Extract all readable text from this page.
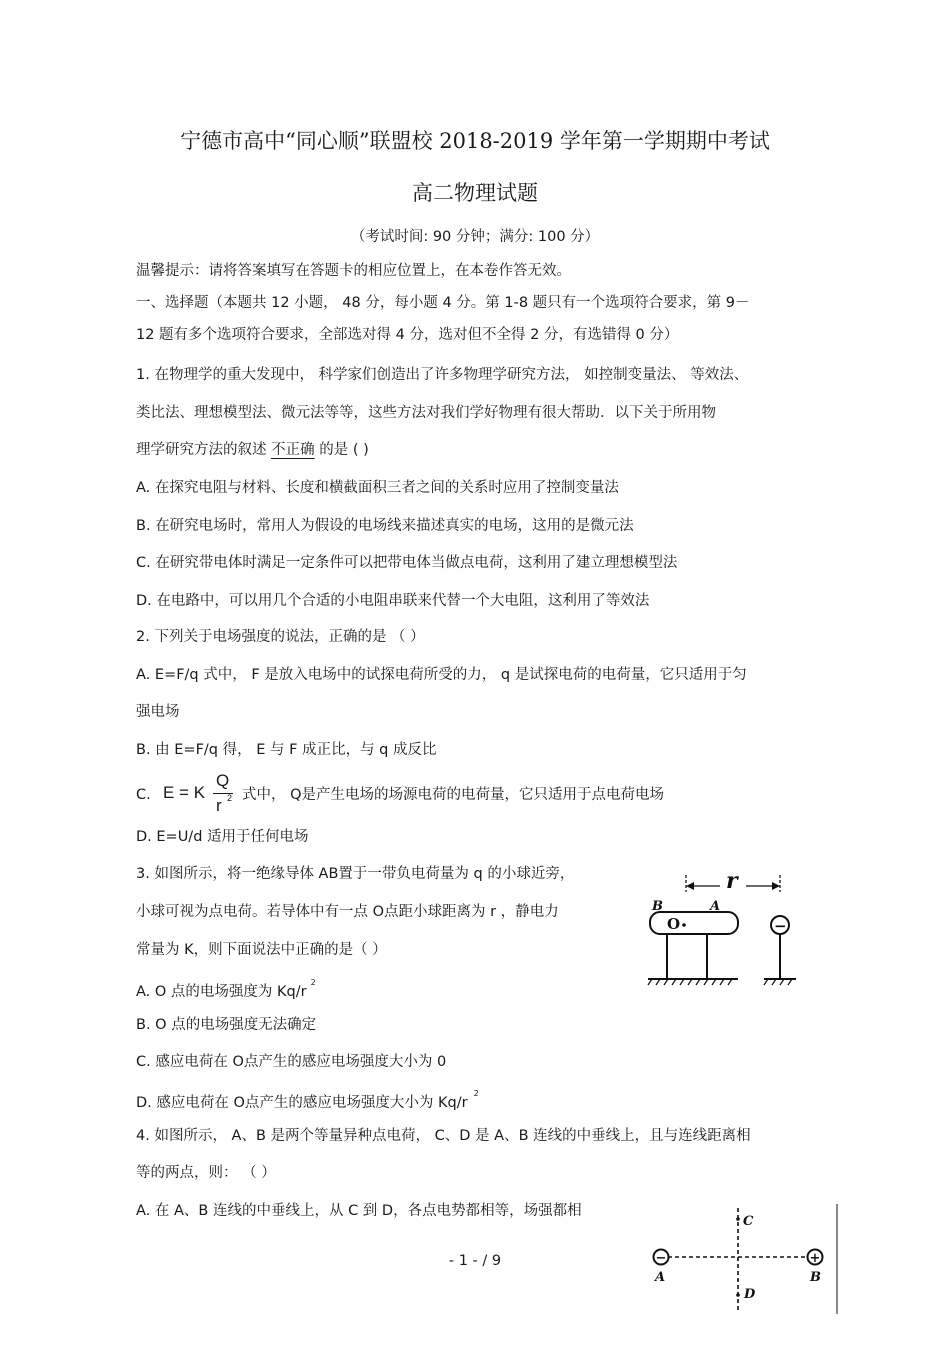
宁德市高中“同心顺”联盟校 2018-2019 学年第一学期期中考试
高二物理试题
（考试时间: 90 分钟；满分: 100 分）
温馨提示：请将答案填写在答题卡的相应位置上，在本卷作答无效。
一、选择题（本题共 12 小题， 48 分，每小题 4 分。第 1-8 题只有一个选项符合要求，第 9－
12 题有多个选项符合要求，全部选对得 4 分，选对但不全得 2 分，有选错得 0 分）
1. 在物理学的重大发现中， 科学家们创造出了许多物理学研究方法， 如控制变量法、 等效法、
类比法、理想模型法、微元法等等，这些方法对我们学好物理有很大帮助．以下关于所用物
理学研究方法的叙述 不正确 的是 ( )
A. 在探究电阻与材料、长度和横截面积三者之间的关系时应用了控制变量法
B. 在研究电场时，常用人为假设的电场线来描述真实的电场，这用的是微元法
C. 在研究带电体时满足一定条件可以把带电体当做点电荷，这利用了建立理想模型法
D. 在电路中，可以用几个合适的小电阻串联来代替一个大电阻，这利用了等效法
2. 下列关于电场强度的说法，正确的是 （ ）
A. E=F/q 式中， F 是放入电场中的试探电荷所受的力， q 是试探电荷的电荷量，它只适用于匀
强电场
B. 由 E=F/q 得， E 与 F 成正比，与 q 成反比
C. E = K
Q
r 2 式中， Q是产生电场的场源电荷的电荷量，它只适用于点电荷电场
D. E=U/d 适用于任何电场
3. 如图所示，将一绝缘导体 AB置于一带负电荷量为 q 的小球近旁，
小球可视为点电荷。若导体中有一点 O点距小球距离为 r ，静电力
常量为 K，则下面说法中正确的是（ ）
A. O 点的电场强度为 $Kq/r^2$
B. O 点的电场强度无法确定
C. 感应电荷在 O点产生的感应电场强度大小为 0
D. 感应电荷在 O点产生的感应电场强度大小为 $Kq/r^2$
r
B	A
O	−
4. 如图所示， A、B 是两个等量异种点电荷， C、D 是 A、B 连线的中垂线上，且与连线距离相
等的两点，则： （ ）
A. 在 A、B 连线的中垂线上，从 C 到 D，各点电势都相等，场强都相
−	+
A	B
C
D
- 1 - / 9
